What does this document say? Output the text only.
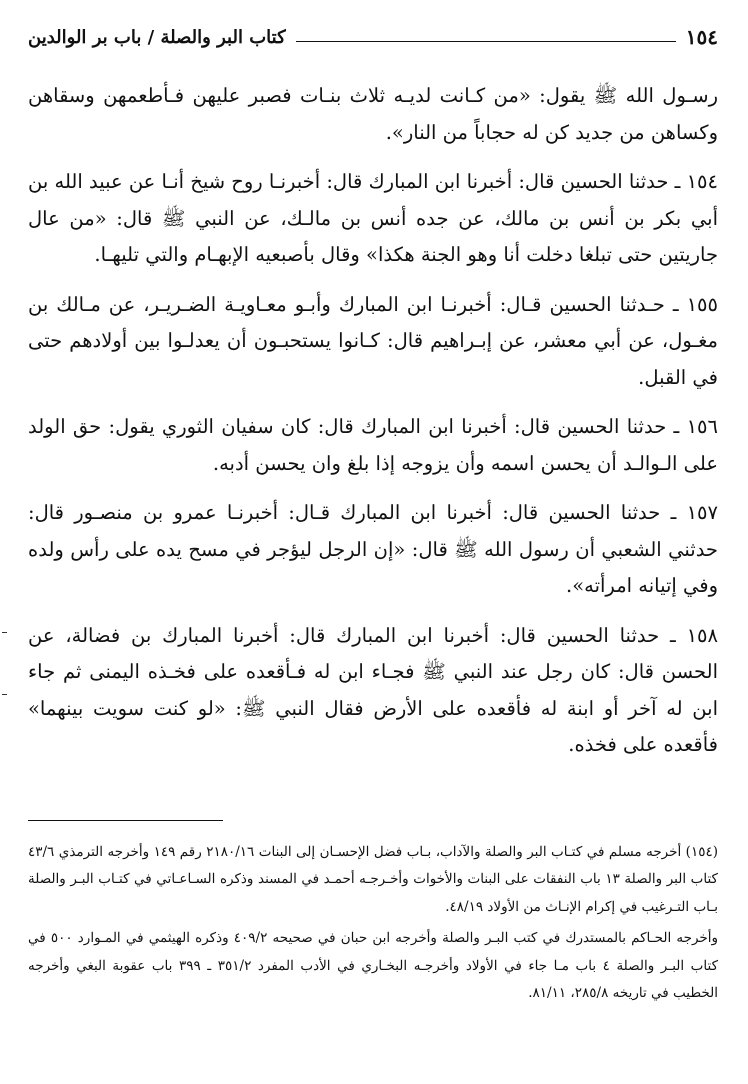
١٥٤
كتاب البر والصلة / باب بر الوالدين

رسـول الله ﷺ يقول: «من كـانت لديـه ثلاث بنـات فصبر عليهن فـأطعمهن وسقاهن وكساهن من جديد كن له حجاباً من النار».

١٥٤ ـ حدثنا الحسين قال: أخبرنا ابن المبارك قال: أخبرنـا روح شيخ أنـا عن عبيد الله بن أبي بكر بن أنس بن مالك، عن جده أنس بن مالـك، عن النبي ﷺ قال: «من عال جاريتين حتى تبلغا دخلت أنا وهو الجنة هكذا» وقال بأصبعيه الإبهـام والتي تليهـا.

١٥٥ ـ حـدثنا الحسين قـال: أخبرنـا ابن المبارك وأبـو معـاويـة الضـريـر، عن مـالك بن مغـول، عن أبي معشر، عن إبـراهيم قال: كـانوا يستحبـون أن يعدلـوا بين أولادهم حتى في القبل.

١٥٦ ـ حدثنا الحسين قال: أخبرنا ابن المبارك قال: كان سفيان الثوري يقول: حق الولد على الـوالـد أن يحسن اسمه وأن يزوجه إذا بلغ وان يحسن أدبه.

١٥٧ ـ حدثنا الحسين قال: أخبرنا ابن المبارك قـال: أخبرنـا عمرو بن منصـور قال: حدثني الشعبي أن رسول الله ﷺ قال: «إن الرجل ليؤجر في مسح يده على رأس ولده وفي إتيانه امرأته».

١٥٨ ـ حدثنا الحسين قال: أخبرنا ابن المبارك قال: أخبرنا المبارك بن فضالة، عن الحسن قال: كان رجل عند النبي ﷺ فجـاء ابن له فـأقعده على فخـذه اليمنى ثم جاء ابن له آخر أو ابنة له فأقعده على الأرض فقال النبي ﷺ: «لو كنت سويت بينهما» فأقعده على فخذه.

(١٥٤) أخرجه مسلم في كتـاب البر والصلة والآداب، بـاب فضل الإحسـان إلى البنات ٢١٨٠/١٦ رقم ١٤٩ وأخرجه الترمذي ٤٣/٦ كتاب البر والصلة ١٣ باب النفقات على البنات والأخوات وأخـرجـه أحمـد في المسند وذكره السـاعـاتي في كتـاب البـر والصلة بـاب التـرغيب في إكرام الإنـاث من الأولاد ٤٨/١٩.

وأخرجه الحـاكم بالمستدرك في كتب البـر والصلة وأخرجه ابن حبان في صحيحه ٤٠٩/٢ وذكره الهيثمي في المـوارد ٥٠٠ في كتاب البـر والصلة ٤ باب مـا جاء في الأولاد وأخرجـه البخـاري في الأدب المفرد ٣٥١/٢ ـ ٣٩٩ باب عقوبة البغي وأخرجه الخطيب في تاريخه ٢٨٥/٨، ٨١/١١.
